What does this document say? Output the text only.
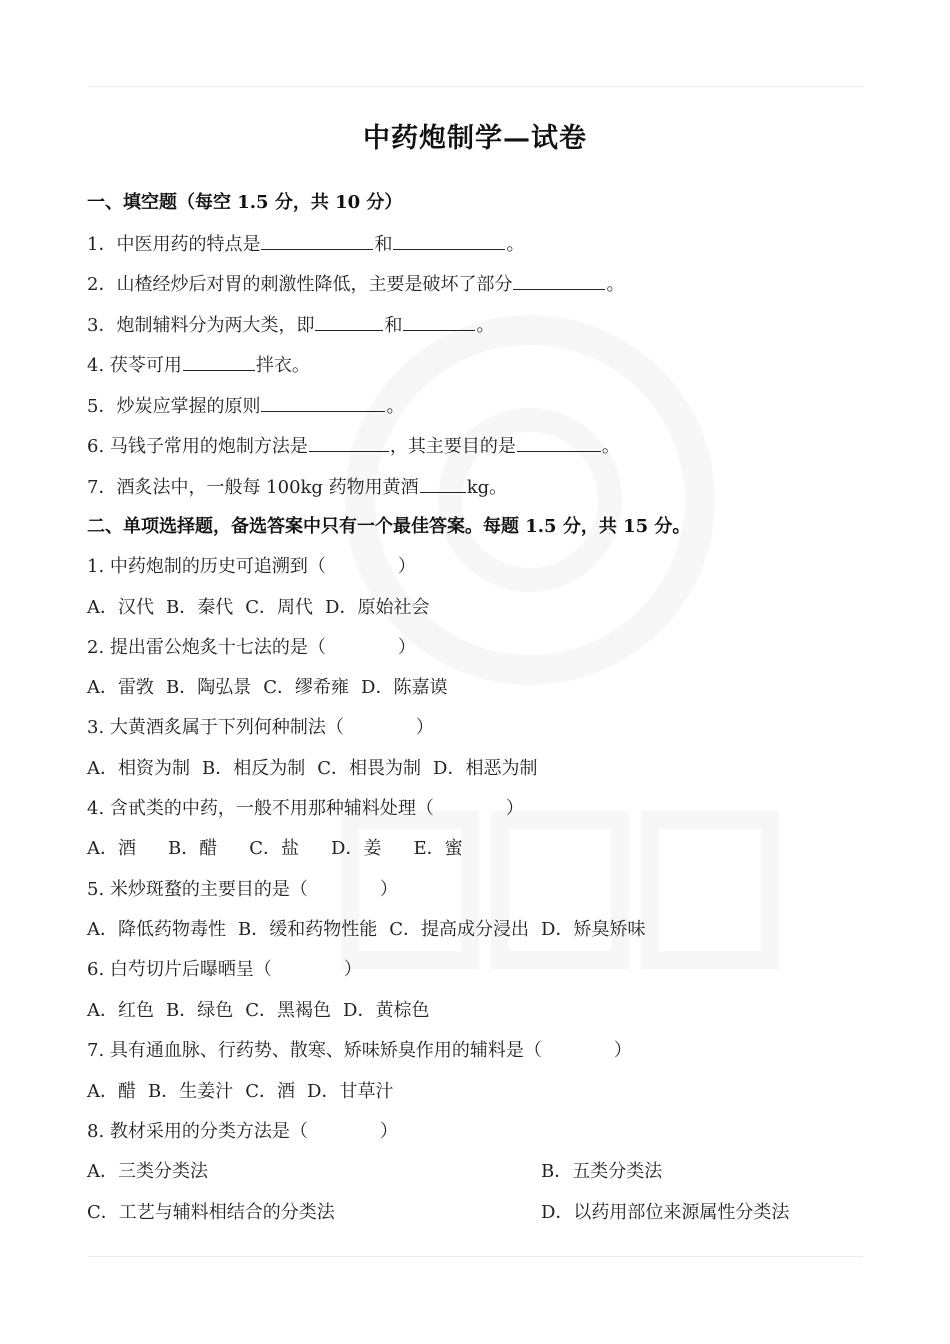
中药炮制学—试卷

一、填空题（每空 1.5 分，共 10 分）

1．中医用药的特点是	和	。

2．山楂经炒后对胃的刺激性降低，主要是破坏了部分	。

3．炮制辅料分为两大类，即	和	。

4. 茯苓可用	拌衣。

5．炒炭应掌握的原则	。

6. 马钱子常用的炮制方法是	，其主要目的是	。

7．酒炙法中，一般每 100kg 药物用黄酒	kg。

二、单项选择题，备选答案中只有一个最佳答案。每题 1.5 分，共 15 分。

1. 中药炮制的历史可追溯到（　　　　）

A．汉代 B．秦代 C．周代 D．原始社会

2. 提出雷公炮炙十七法的是（　　　　）

A．雷敩 B．陶弘景 C．缪希雍 D．陈嘉谟

3. 大黄酒炙属于下列何种制法（　　　　）

A．相资为制 B．相反为制 C．相畏为制 D．相恶为制

4. 含甙类的中药，一般不用那种辅料处理（　　　　）

A．酒 B．醋 C．盐 D．姜 E．蜜

5. 米炒斑蝥的主要目的是（　　　　）

A．降低药物毒性 B．缓和药物性能 C．提高成分浸出 D．矫臭矫味

6. 白芍切片后曝晒呈（　　　　）

A．红色 B．绿色 C．黑褐色 D．黄棕色

7. 具有通血脉、行药势、散寒、矫味矫臭作用的辅料是（　　　　）

A．醋 B．生姜汁 C．酒 D．甘草汁

8. 教材采用的分类方法是（　　　　）

A．三类分类法	B．五类分类法

C．工艺与辅料相结合的分类法	D．以药用部位来源属性分类法
